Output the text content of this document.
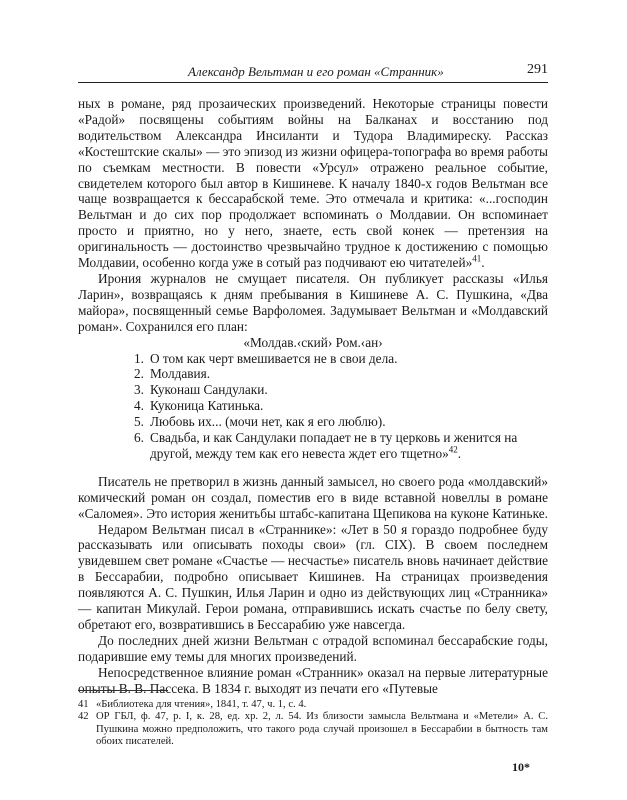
Александр Вельтман и его роман «Странник»	291

ных в романе, ряд прозаических произведений. Некоторые страницы повести «Радой» посвящены событиям войны на Балканах и восстанию под водительством Александра Инсиланти и Тудора Владимиреску. Рассказ «Костештские скалы» — это эпизод из жизни офицера-топографа во время работы по съемкам местности. В повести «Урсул» отражено реальное событие, свидетелем которого был автор в Кишиневе. К началу 1840-х годов Вельтман все чаще возвращается к бессарабской теме. Это отмечала и критика: «...господин Вельтман и до сих пор продолжает вспоминать о Молдавии. Он вспоминает просто и приятно, но у него, знаете, есть свой конек — претензия на оригинальность — достоинство чрезвычайно трудное к достижению с помощью Молдавии, особенно когда уже в сотый раз подчивают ею читателей»$^{41}$.

Ирония журналов не смущает писателя. Он публикует рассказы «Илья Ларин», возвращаясь к дням пребывания в Кишиневе А. С. Пушкина, «Два майора», посвященный семье Варфоломея. Задумывает Вельтман и «Молдавский роман». Сохранился его план:

«Молдав.‹ский› Ром.‹ан›

1. О том как черт вмешивается не в свои дела.
2. Молдавия.
3. Куконаш Сандулаки.
4. Куконица Катинька.
5. Любовь их... (мочи нет, как я его люблю).
6. Свадьба, и как Сандулаки попадает не в ту церковь и женится на другой, между тем как его невеста ждет его тщетно»$^{42}$.

Писатель не претворил в жизнь данный замысел, но своего рода «молдавский» комический роман он создал, поместив его в виде вставной новеллы в романе «Саломея». Это история женитьбы штабс-капитана Щепикова на куконе Катиньке.

Недаром Вельтман писал в «Страннике»: «Лет в 50 я гораздо подробнее буду рассказывать или описывать походы свои» (гл. CIX). В своем последнем увидевшем свет романе «Счастье — несчастье» писатель вновь начинает действие в Бессарабии, подробно описывает Кишинев. На страницах произведения появляются А. С. Пушкин, Илья Ларин и одно из действующих лиц «Странника» — капитан Микулай. Герои романа, отправившись искать счастье по белу свету, обретают его, возвратившись в Бессарабию уже навсегда.

До последних дней жизни Вельтман с отрадой вспоминал бессарабские годы, подарившие ему темы для многих произведений.

Непосредственное влияние роман «Странник» оказал на первые литературные опыты В. В. Пассека. В 1834 г. выходят из печати его «Путевые

41 «Библиотека для чтения», 1841, т. 47, ч. 1, с. 4.

42 ОР ГБЛ, ф. 47, р. I, к. 28, ед. хр. 2, л. 54. Из близости замысла Вельтмана и «Метели» А. С. Пушкина можно предположить, что такого рода случай произошел в Бессарабии в бытность там обоих писателей.

10*
